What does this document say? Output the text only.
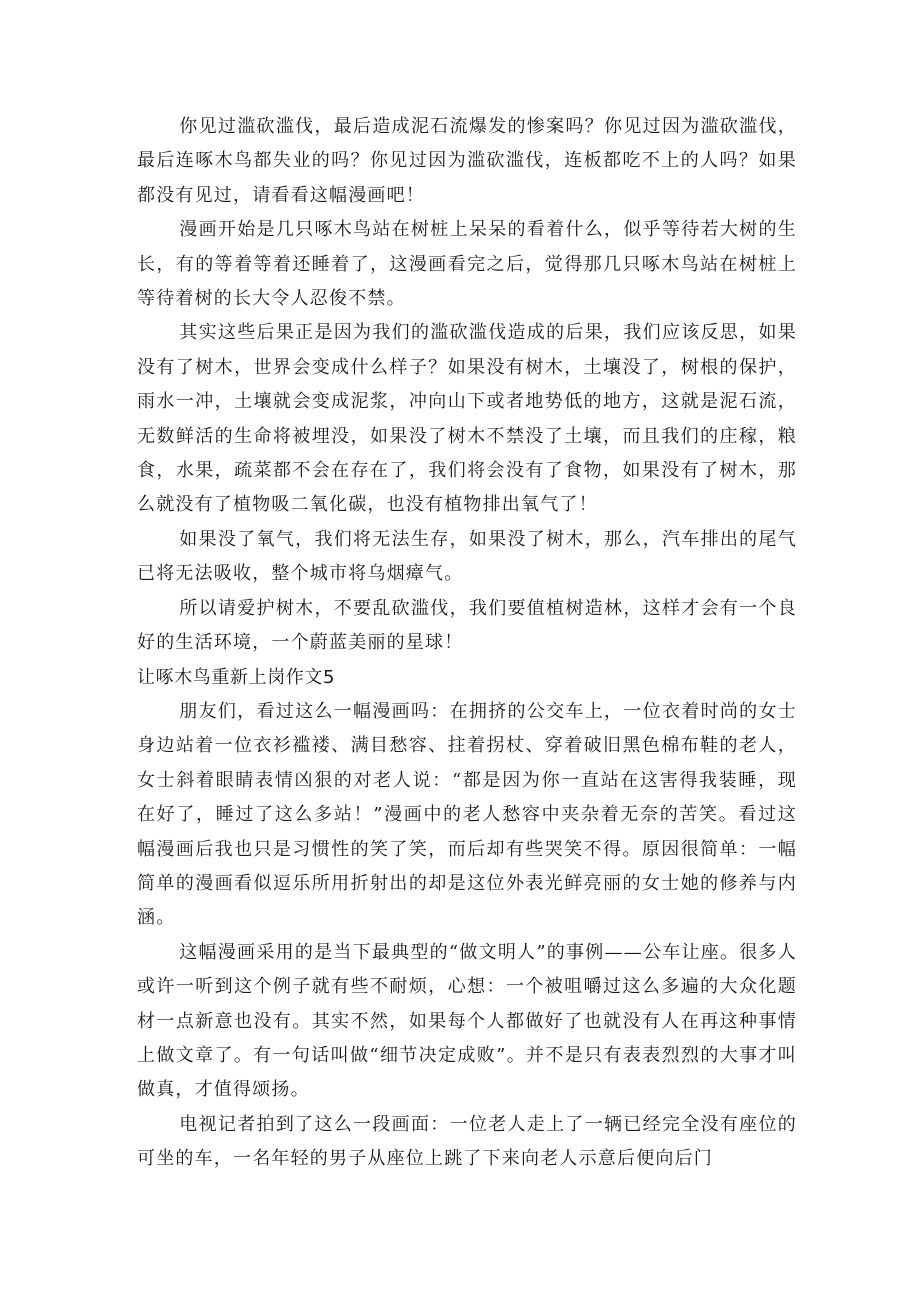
你见过滥砍滥伐，最后造成泥石流爆发的惨案吗？你见过因为滥砍滥伐，最后连啄木鸟都失业的吗？你见过因为滥砍滥伐，连板都吃不上的人吗？如果都没有见过，请看看这幅漫画吧！

漫画开始是几只啄木鸟站在树桩上呆呆的看着什么，似乎等待若大树的生长，有的等着等着还睡着了，这漫画看完之后，觉得那几只啄木鸟站在树桩上等待着树的长大令人忍俊不禁。

其实这些后果正是因为我们的滥砍滥伐造成的后果，我们应该反思，如果没有了树木，世界会变成什么样子？如果没有树木，土壤没了，树根的保护，雨水一冲，土壤就会变成泥浆，冲向山下或者地势低的地方，这就是泥石流，无数鲜活的生命将被埋没，如果没了树木不禁没了土壤，而且我们的庄稼，粮食，水果，疏菜都不会在存在了，我们将会没有了食物，如果没有了树木，那么就没有了植物吸二氧化碳，也没有植物排出氧气了！

如果没了氧气，我们将无法生存，如果没了树木，那么，汽车排出的尾气已将无法吸收，整个城市将乌烟瘴气。

所以请爱护树木，不要乱砍滥伐，我们要值植树造林，这样才会有一个良好的生活环境，一个蔚蓝美丽的星球！

让啄木鸟重新上岗作文5

朋友们，看过这么一幅漫画吗：在拥挤的公交车上，一位衣着时尚的女士身边站着一位衣衫褴褛、满目愁容、拄着拐杖、穿着破旧黑色棉布鞋的老人，女士斜着眼睛表情凶狠的对老人说：“都是因为你一直站在这害得我装睡，现在好了，睡过了这么多站！”漫画中的老人愁容中夹杂着无奈的苦笑。看过这幅漫画后我也只是习惯性的笑了笑，而后却有些哭笑不得。原因很简单：一幅简单的漫画看似逗乐所用折射出的却是这位外表光鲜亮丽的女士她的修养与内涵。

这幅漫画采用的是当下最典型的“做文明人”的事例——公车让座。很多人或许一听到这个例子就有些不耐烦，心想：一个被咀嚼过这么多遍的大众化题材一点新意也没有。其实不然，如果每个人都做好了也就没有人在再这种事情上做文章了。有一句话叫做“细节决定成败”。并不是只有表表烈烈的大事才叫做真，才值得颂扬。

电视记者拍到了这么一段画面：一位老人走上了一辆已经完全没有座位的可坐的车，一名年轻的男子从座位上跳了下来向老人示意后便向后门
